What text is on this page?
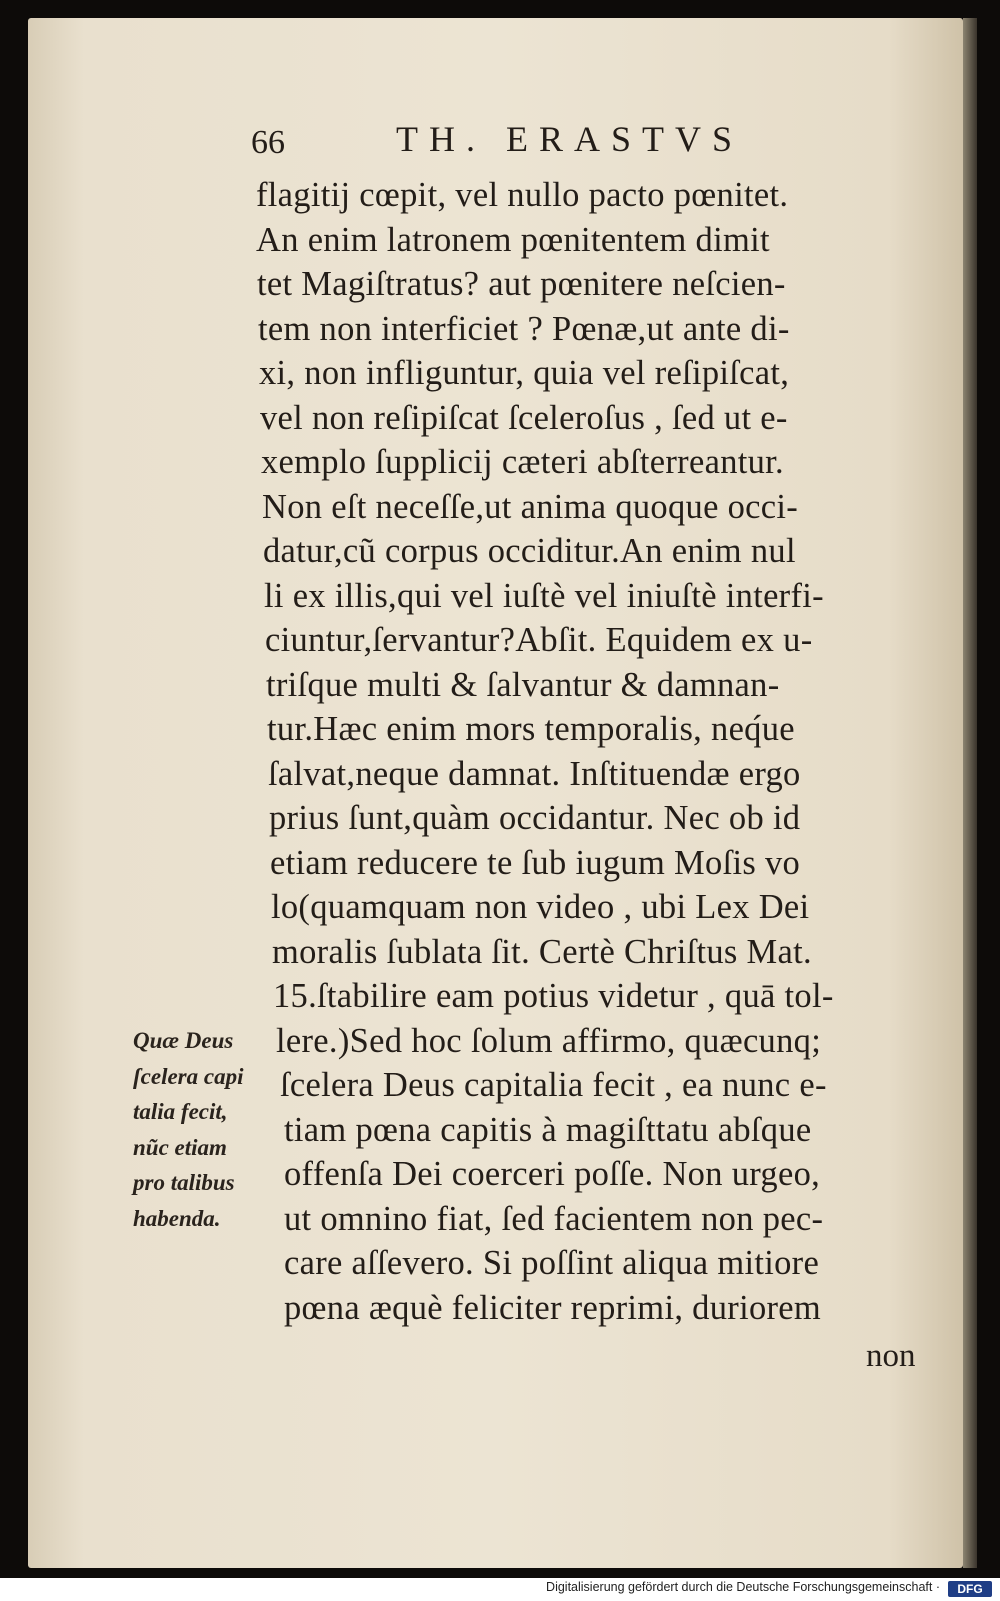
66	TH. ERASTVS
flagitij cœpit, vel nullo pacto pœnitet.
An enim latronem pœnitentem dimit
tet Magiſtratus? aut pœnitere neſcien-
tem non interficiet ? Pœnæ,ut ante di-
xi, non infliguntur, quia vel reſipiſcat,
vel non reſipiſcat ſceleroſus , ſed ut e-
xemplo ſupplicij cæteri abſterreantur.
Non eſt neceſſe,ut anima quoque occi-
datur,cũ corpus occiditur.An enim nul
li ex illis,qui vel iuſtè vel iniuſtè interfi-
ciuntur,ſervantur?Abſit. Equidem ex u-
triſque multi & ſalvantur & damnan-
tur.Hæc enim mors temporalis, neq́ue
ſalvat,neque damnat. Inſtituendæ ergo
prius ſunt,quàm occidantur. Nec ob id
etiam reducere te ſub iugum Moſis vo
lo(quamquam non video , ubi Lex Dei
moralis ſublata ſit. Certè Chriſtus Mat.
15.ſtabilire eam potius videtur , quā tol-
lere.)Sed hoc ſolum affirmo, quæcunq;
ſcelera Deus capitalia fecit , ea nunc e-
tiam pœna capitis à magiſttatu abſque
offenſa Dei coerceri poſſe. Non urgeo,
ut omnino fiat, ſed facientem non pec-
care aſſevero. Si poſſint aliqua mitiore
pœna æquè feliciter reprimi, duriorem
Quæ Deus
ſcelera capi
talia fecit,
nũc etiam
pro talibus
habenda.
non
Digitalisierung gefördert durch die Deutsche Forschungsgemeinschaft ·	DFG
